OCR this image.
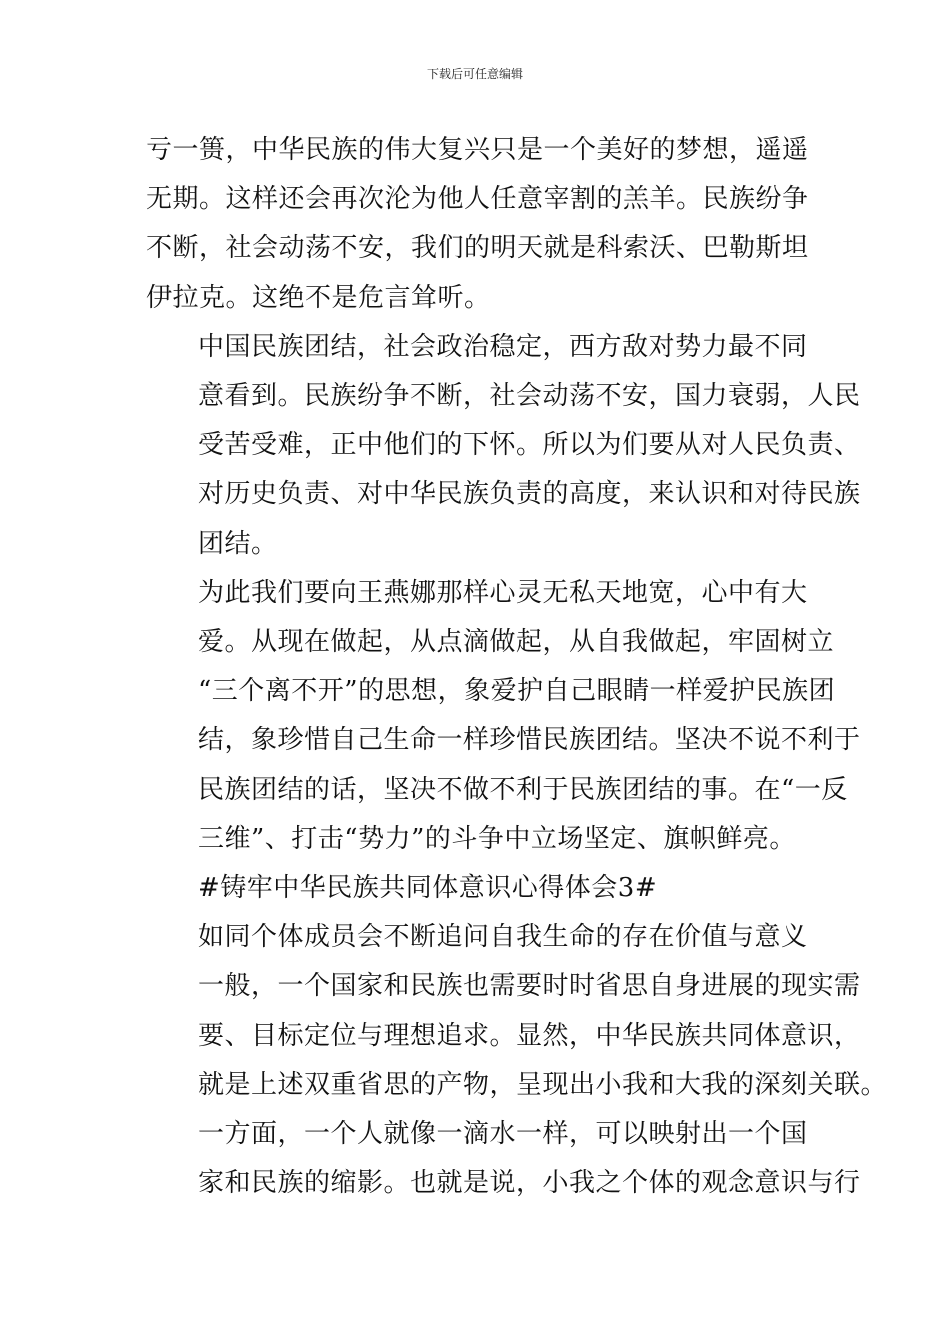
下载后可任意编辑

亏一篑，中华民族的伟大复兴只是一个美好的梦想，遥遥
无期。这样还会再次沦为他人任意宰割的羔羊。民族纷争
不断，社会动荡不安，我们的明天就是科索沃、巴勒斯坦
伊拉克。这绝不是危言耸听。

中国民族团结，社会政治稳定，西方敌对势力最不同
意看到。民族纷争不断，社会动荡不安，国力衰弱，人民
受苦受难，正中他们的下怀。所以为们要从对人民负责、
对历史负责、对中华民族负责的高度，来认识和对待民族
团结。

为此我们要向王燕娜那样心灵无私天地宽，心中有大
爱。从现在做起，从点滴做起，从自我做起，牢固树立
“三个离不开”的思想，象爱护自己眼睛一样爱护民族团
结，象珍惜自己生命一样珍惜民族团结。坚决不说不利于
民族团结的话，坚决不做不利于民族团结的事。在“一反
三维”、打击“势力”的斗争中立场坚定、旗帜鲜亮。

#铸牢中华民族共同体意识心得体会3#

如同个体成员会不断追问自我生命的存在价值与意义
一般，一个国家和民族也需要时时省思自身进展的现实需
要、目标定位与理想追求。显然，中华民族共同体意识，
就是上述双重省思的产物，呈现出小我和大我的深刻关联。

一方面，一个人就像一滴水一样，可以映射出一个国
家和民族的缩影。也就是说，小我之个体的观念意识与行
